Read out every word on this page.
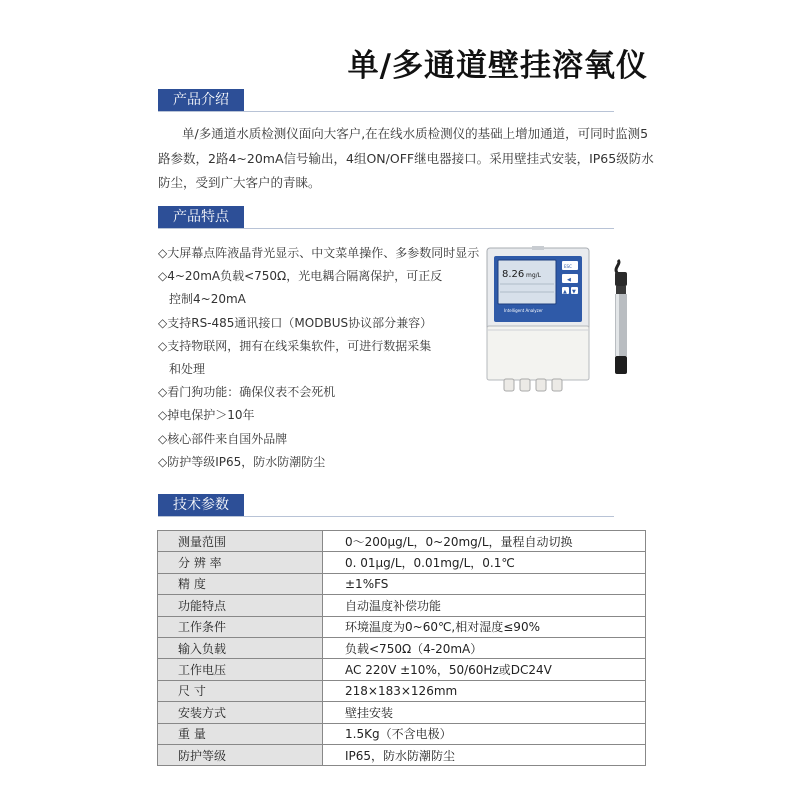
单/多通道壁挂溶氧仪
产品介绍
单/多通道水质检测仪面向大客户,在在线水质检测仪的基础上增加通道，可同时监测5路参数，2路4~20mA信号输出，4组ON/OFF继电器接口。采用壁挂式安装，IP65级防水防尘，受到广大客户的青睐。
产品特点
◇大屏幕点阵液晶背光显示、中文菜单操作、多参数同时显示
◇4~20mA负载<750Ω，光电耦合隔离保护，可正反
控制4~20mA
◇支持RS-485通讯接口（MODBUS协议部分兼容）
◇支持物联网，拥有在线采集软件，可进行数据采集
和处理
◇看门狗功能：确保仪表不会死机
◇掉电保护＞10年
◇核心部件来自国外品牌
◇防护等级IP65，防水防潮防尘
8.26 mg/L
Intelligent Analyzer
ESC
◀
▲ ▼
技术参数
测量范围	0～200μg/L，0~20mg/L，量程自动切换
分 辨 率	0. 01μg/L，0.01mg/L，0.1℃
精 度	±1%FS
功能特点	自动温度补偿功能
工作条件	环境温度为0~60℃,相对湿度≤90%
输入负载	负载<750Ω（4-20mA）
工作电压	AC 220V ±10%，50/60Hz或DC24V
尺 寸	218×183×126mm
安装方式	壁挂安装
重 量	1.5Kg（不含电极）
防护等级	IP65，防水防潮防尘
